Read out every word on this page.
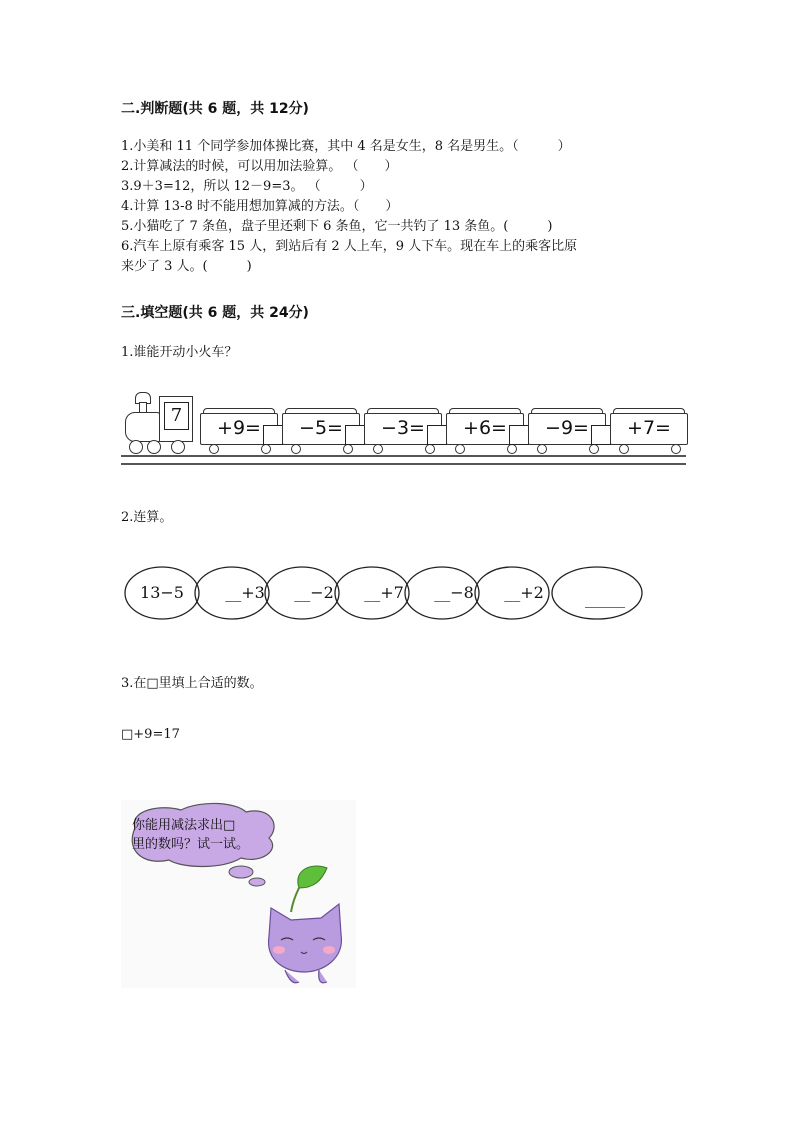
二.判断题(共 6 题，共 12分)
1.小美和 11 个同学参加体操比赛，其中 4 名是女生，8 名是男生。（　　　）
2.计算减法的时候，可以用加法验算。 （　　）
3.9＋3=12，所以 12－9=3。 （　　　）
4.计算 13-8 时不能用想加算减的方法。（　　）
5.小猫吃了 7 条鱼，盘子里还剩下 6 条鱼，它一共钓了 13 条鱼。(　　　)
6.汽车上原有乘客 15 人，到站后有 2 人上车，9 人下车。现在车上的乘客比原
来少了 3 人。(　　　)
三.填空题(共 6 题，共 24分)
1.谁能开动小火车？
7
+9=	−5=	−3=	+6=	−9=	+7=
2.连算。
13−5	__+3 __−2 __+7 __−8 __+2	_____
3.在□里填上合适的数。
□+9=17
你能用减法求出□
里的数吗？试一试。
